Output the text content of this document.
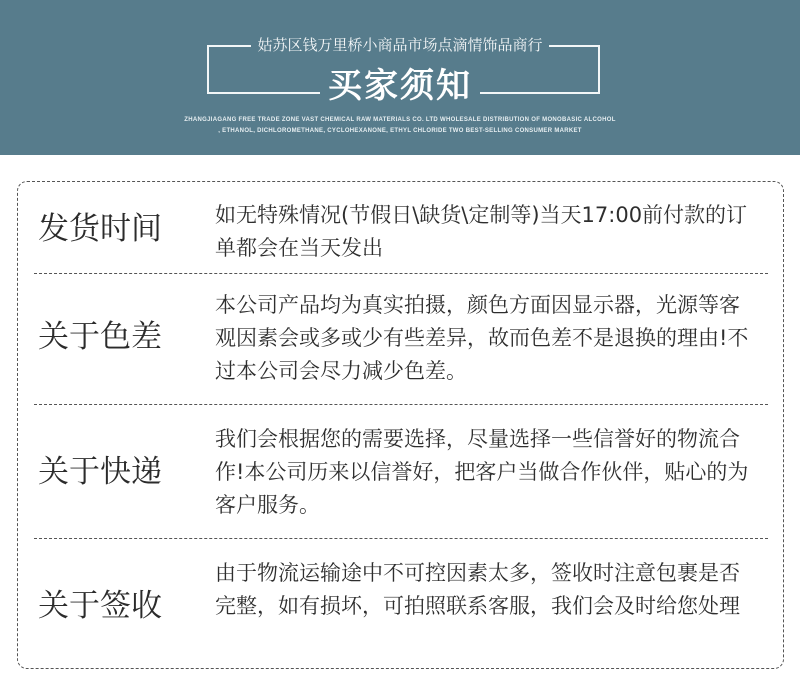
姑苏区钱万里桥小商品市场点滴情饰品商行
买家须知
ZHANGJIAGANG FREE TRADE ZONE VAST CHEMICAL RAW MATERIALS CO. LTD WHOLESALE DISTRIBUTION OF MONOBASIC ALCOHOL
, ETHANOL, DICHLOROMETHANE, CYCLOHEXANONE, ETHYL CHLORIDE TWO BEST-SELLING CONSUMER MARKET
发货时间	如无特殊情况(节假日\缺货\定制等)当天17:00前付款的订单都会在当天发出
关于色差
本公司产品均为真实拍摄，颜色方面因显示器，光源等客观因素会或多或少有些差异，故而色差不是退换的理由!不过本公司会尽力减少色差。
关于快递
我们会根据您的需要选择，尽量选择一些信誉好的物流合作!本公司历来以信誉好，把客户当做合作伙伴，贴心的为客户服务。
关于签收
由于物流运输途中不可控因素太多，签收时注意包裹是否完整，如有损坏，可拍照联系客服，我们会及时给您处理
